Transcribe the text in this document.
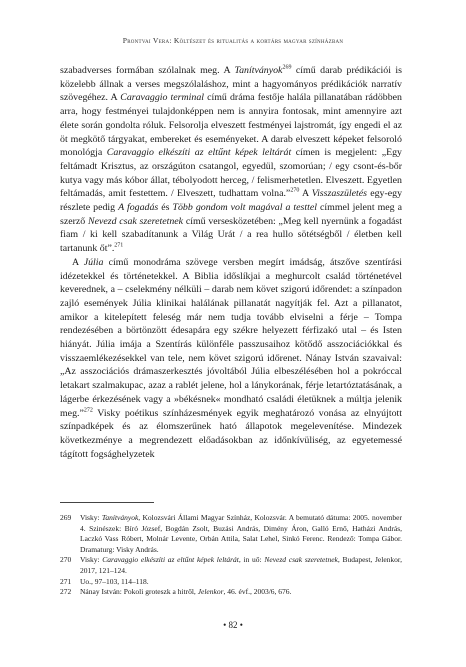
Prontvai Vera: Költészet és ritualitás a kortárs magyar színházban

szabadverses formában szólalnak meg. A Tanítványok$^{269}$ című darab prédikációi is közelebb állnak a verses megszólaláshoz, mint a hagyományos prédikációk narratív szövegéhez. A Caravaggio terminal című dráma festője halála pillanatában rádöbben arra, hogy festményei tulajdonképpen nem is annyira fontosak, mint amennyire azt élete során gondolta róluk. Felsorolja elveszett festményei lajstromát, így engedi el az öt megkötő tárgyakat, embereket és eseményeket. A darab elveszett képeket felsoroló monológja Caravaggio elkészíti az eltűnt képek leltárát címen is megjelent: „Egy feltámadt Krisztus, az országúton csatangol, egyedül, szomorúan; / egy csont-és-bőr kutya vagy más kóbor állat, tébolyodott herceg, / felismerhetetlen. Elveszett. Egyetlen feltámadás, amit festettem. / Elveszett, tudhattam volna.”$^{270}$ A Visszaszületés egy-egy részlete pedig A fogadás és Több gondom volt magával a testtel címmel jelent meg a szerző Nevezd csak szeretetnek című versesközetében: „Meg kell nyernünk a fogadást fiam / ki kell szabadítanunk a Világ Urát / a rea hullo sötétségből / életben kell tartanunk őt”.$^{271}$

A Júlia című monodráma szövege versben megírt imádság, átszőve szentírási idézetekkel és történetekkel. A Biblia időslíkjai a meghurcolt család történetével keverednek, a – cselekmény nélküli – darab nem követ szigorú időrendet: a színpadon zajló események Júlia klinikai halálának pillanatát nagyítják fel. Azt a pillanatot, amikor a kitelepített feleség már nem tudja tovább elviselni a férje – Tompa rendezésében a börtönzött édesapára egy székre helyezett férfizakó utal – és Isten hiányát. Júlia imája a Szentírás különféle passzusaihoz kötődő asszociációkkal és visszaemlékezésekkel van tele, nem követ szigorú időrenet. Nánay István szavaival: „Az asszociációs drámaszerkesztés jóvoltából Júlia elbeszélésében hol a pokróccal letakart szalmakupac, azaz a rablét jelene, hol a lánykorának, férje letartóztatásának, a lágerbe érkezésének vagy a »békésnek« mondható családi életüknek a múltja jelenik meg.”$^{272}$ Visky poétikus színházesmények egyik meghatározó vonása az elnyújtott színpadképek és az élomszerűnek ható állapotok megelevenítése. Mindezek következménye a megrendezett előadásokban az időnkívüliség, az egyetemessé tágított fogsághelyzetek

269	Visky: Tanítványok, Kolozsvári Állami Magyar Színház, Kolozsvár. A bemutató dátuma: 2005. november 4. Szinészek: Bíró József, Bogdán Zsolt, Buzási András, Dimény Áron, Galló Ernő, Hatházi András, Laczkó Vass Róbert, Molnár Levente, Orbán Attila, Salat Lehel, Sinkó Ferenc. Rendező: Tompa Gábor. Dramaturg: Visky András.
270	Visky: Caravaggio elkészíti az eltűnt képek leltárát, in uő: Nevezd csak szeretetnek, Budapest, Jelenkor, 2017, 121–124.
271	Uo., 97–103, 114–118.
272	Nánay István: Pokoli groteszk a hitről, Jelenkor, 46. évf., 2003/6, 676.
• 82 •
